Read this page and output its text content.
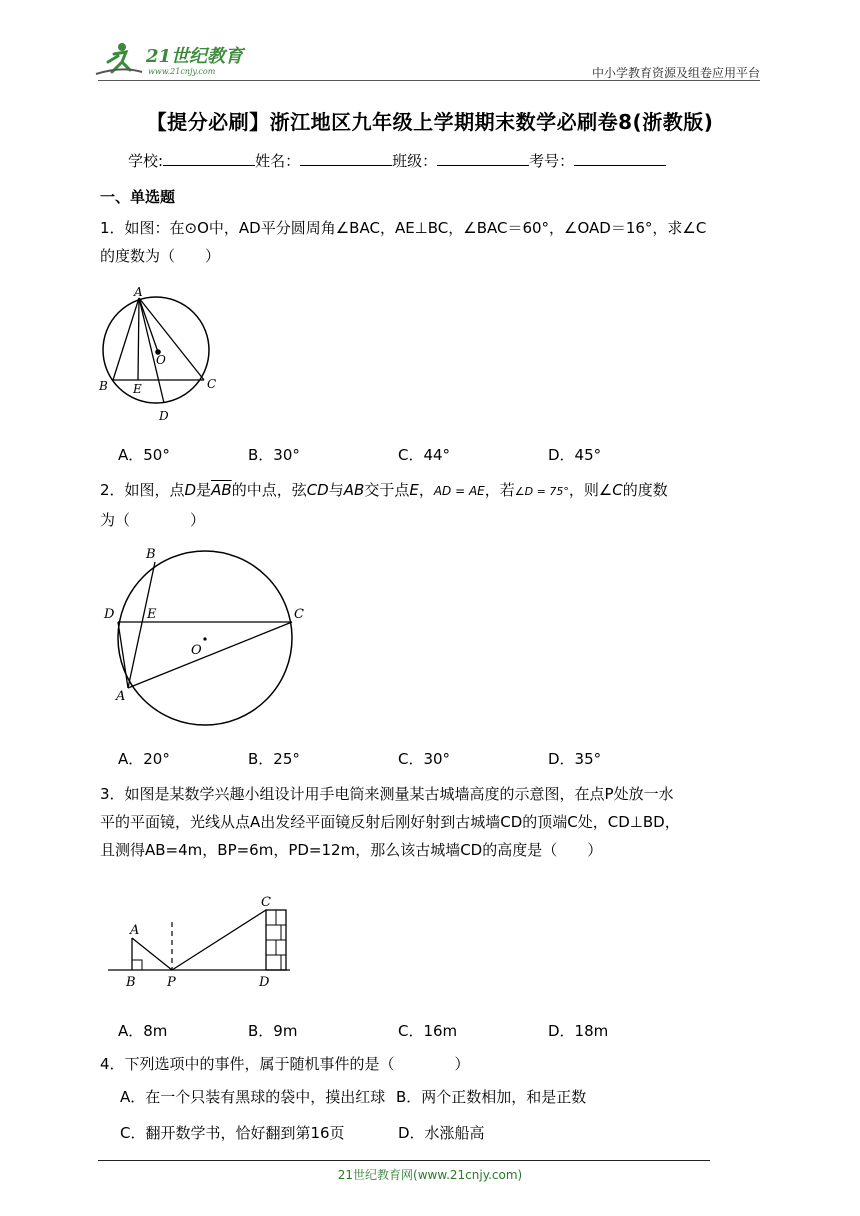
21世纪教育
www.21cnjy.com	中小学教育资源及组卷应用平台
【提分必刷】浙江地区九年级上学期期末数学必刷卷8(浙教版)
学校:	姓名：	班级：	考号：
一、单选题
1．如图：在⊙O中，AD平分圆周角∠BAC，AE⊥BC，∠BAC＝60°，∠OAD＝16°，求∠C
的度数为（　　）
A
O
B E	C
D
A．50°	B．30°	C．44°	D．45°
2．如图，点D是$\overline{AB}$的中点，弦CD与AB交于点E，AD = AE，若∠D = 75°，则∠C的度数
为（　　　　）
B
D	E	C
O
A
A．20°	B．25°	C．30°	D．35°
3．如图是某数学兴趣小组设计用手电筒来测量某古城墙高度的示意图，在点P处放一水
平的平面镜，光线从点A出发经平面镜反射后刚好射到古城墙CD的顶端C处，CD⊥BD，
且测得AB=4m，BP=6m，PD=12m，那么该古城墙CD的高度是（　　）
C
A
B P	D
A．8m	B．9m	C．16m	D．18m
4．下列选项中的事件，属于随机事件的是（　　　　）
A．在一个只装有黑球的袋中，摸出红球 B．两个正数相加，和是正数
C．翻开数学书，恰好翻到第16页	D．水涨船高
21世纪教育网(www.21cnjy.com)
